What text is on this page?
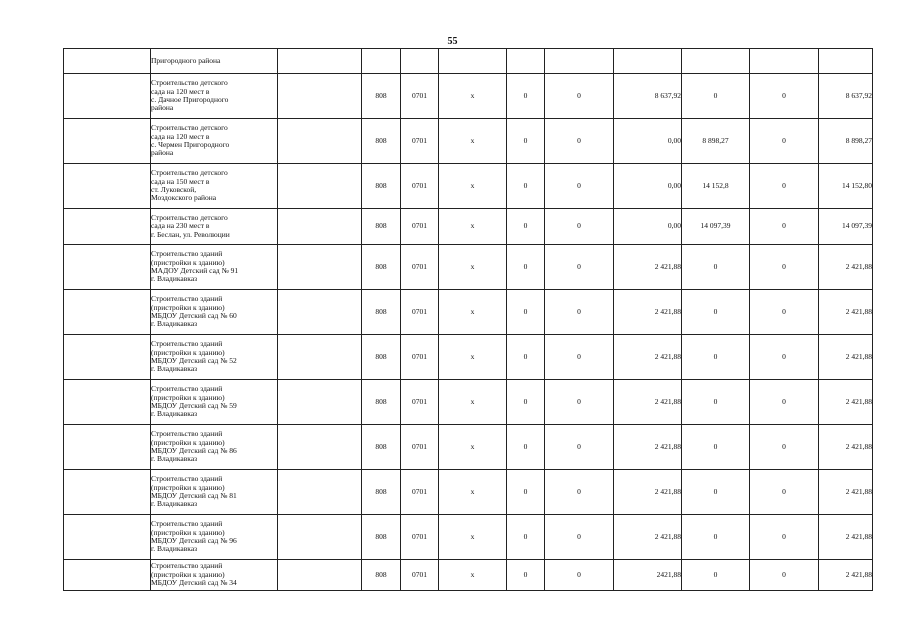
55
	Пригородного района										

	Строительство детского
сада на 120 мест в
с. Дачное Пригородного
района		808	0701	x	0	0	8 637,92	0	0	8 637,92

	Строительство детского
сада на 120 мест в
с. Чермен Пригородного
района		808	0701	x	0	0	0,00	8 898,27	0	8 898,27

	Строительство детского
сада на 150 мест в
ст. Луковской,
Моздокского района		808	0701	x	0	0	0,00	14 152,8	0	14 152,80

	Строительство детского
сада на 230 мест в
г. Беслан, ул. Революции		808	0701	x	0	0	0,00	14 097,39	0	14 097,39

	Строительство зданий
(пристройки к зданию)
МАДОУ Детский сад № 91
г. Владикавказ		808	0701	x	0	0	2 421,88	0	0	2 421,88

	Строительство зданий
(пристройки к зданию)
МБДОУ Детский сад № 60
г. Владикавказ		808	0701	x	0	0	2 421,88	0	0	2 421,88

	Строительство зданий
(пристройки к зданию)
МБДОУ Детский сад № 52
г. Владикавказ		808	0701	x	0	0	2 421,88	0	0	2 421,88

	Строительство зданий
(пристройки к зданию)
МБДОУ Детский сад № 59
г. Владикавказ		808	0701	x	0	0	2 421,88	0	0	2 421,88

	Строительство зданий
(пристройки к зданию)
МБДОУ Детский сад № 86
г. Владикавказ		808	0701	x	0	0	2 421,88	0	0	2 421,88

	Строительство зданий
(пристройки к зданию)
МБДОУ Детский сад № 81
г. Владикавказ		808	0701	x	0	0	2 421,88	0	0	2 421,88

	Строительство зданий
(пристройки к зданию)
МБДОУ Детский сад № 96
г. Владикавказ		808	0701	x	0	0	2 421,88	0	0	2 421,88

	Строительство зданий
(пристройки к зданию)
МБДОУ Детский сад № 34		808	0701	x	0	0	2421,88	0	0	2 421,88
